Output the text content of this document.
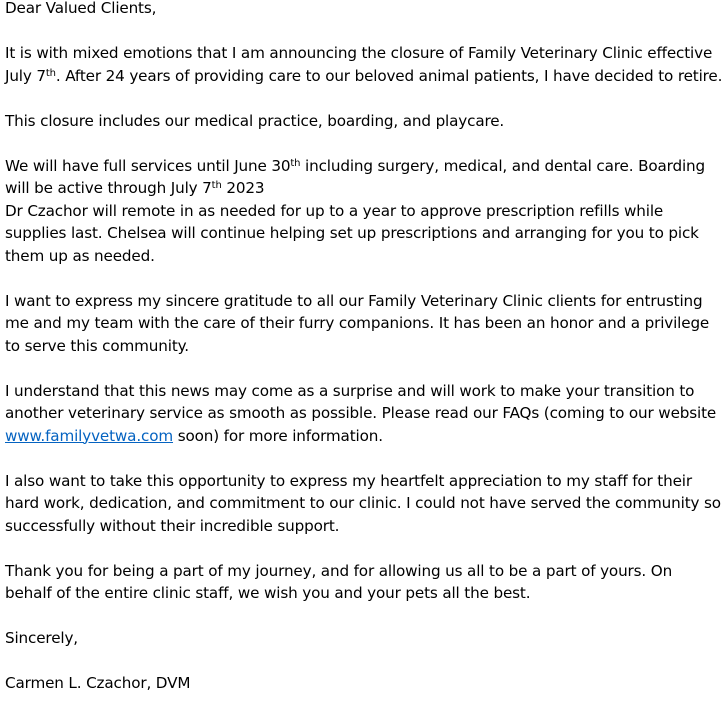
Dear Valued Clients,

It is with mixed emotions that I am announcing the closure of Family Veterinary Clinic effective July 7th. After 24 years of providing care to our beloved animal patients, I have decided to retire.

This closure includes our medical practice, boarding, and playcare.

We will have full services until June 30th including surgery, medical, and dental care. Boarding will be active through July 7th 2023

Dr Czachor will remote in as needed for up to a year to approve prescription refills while supplies last. Chelsea will continue helping set up prescriptions and arranging for you to pick them up as needed.

I want to express my sincere gratitude to all our Family Veterinary Clinic clients for entrusting me and my team with the care of their furry companions. It has been an honor and a privilege to serve this community.

I understand that this news may come as a surprise and will work to make your transition to another veterinary service as smooth as possible. Please read our FAQs (coming to our website www.familyvetwa.com soon) for more information.

I also want to take this opportunity to express my heartfelt appreciation to my staff for their hard work, dedication, and commitment to our clinic. I could not have served the community so successfully without their incredible support.

Thank you for being a part of my journey, and for allowing us all to be a part of yours. On behalf of the entire clinic staff, we wish you and your pets all the best.

Sincerely,

Carmen L. Czachor, DVM
